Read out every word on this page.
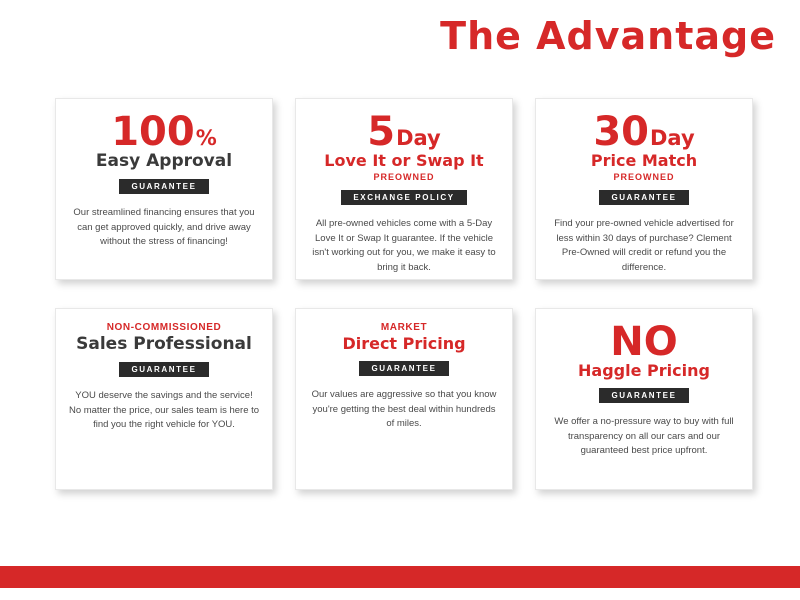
The Advantage
100 %
Easy Approval
GUARANTEE
Our streamlined financing ensures that you can get approved quickly, and drive away without the stress of financing!
5 Day
Love It or Swap It
PREOWNED
EXCHANGE POLICY
All pre-owned vehicles come with a 5-Day Love It or Swap It guarantee. If the vehicle isn't working out for you, we make it easy to bring it back.
30 Day
Price Match
PREOWNED
GUARANTEE
Find your pre-owned vehicle advertised for less within 30 days of purchase? Clement Pre-Owned will credit or refund you the difference.
NON-COMMISSIONED
Sales Professional
GUARANTEE
YOU deserve the savings and the service! No matter the price, our sales team is here to find you the right vehicle for YOU.
MARKET
Direct Pricing
GUARANTEE
Our values are aggressive so that you know you're getting the best deal within hundreds of miles.
NO
Haggle Pricing
GUARANTEE
We offer a no-pressure way to buy with full transparency on all our cars and our guaranteed best price upfront.
